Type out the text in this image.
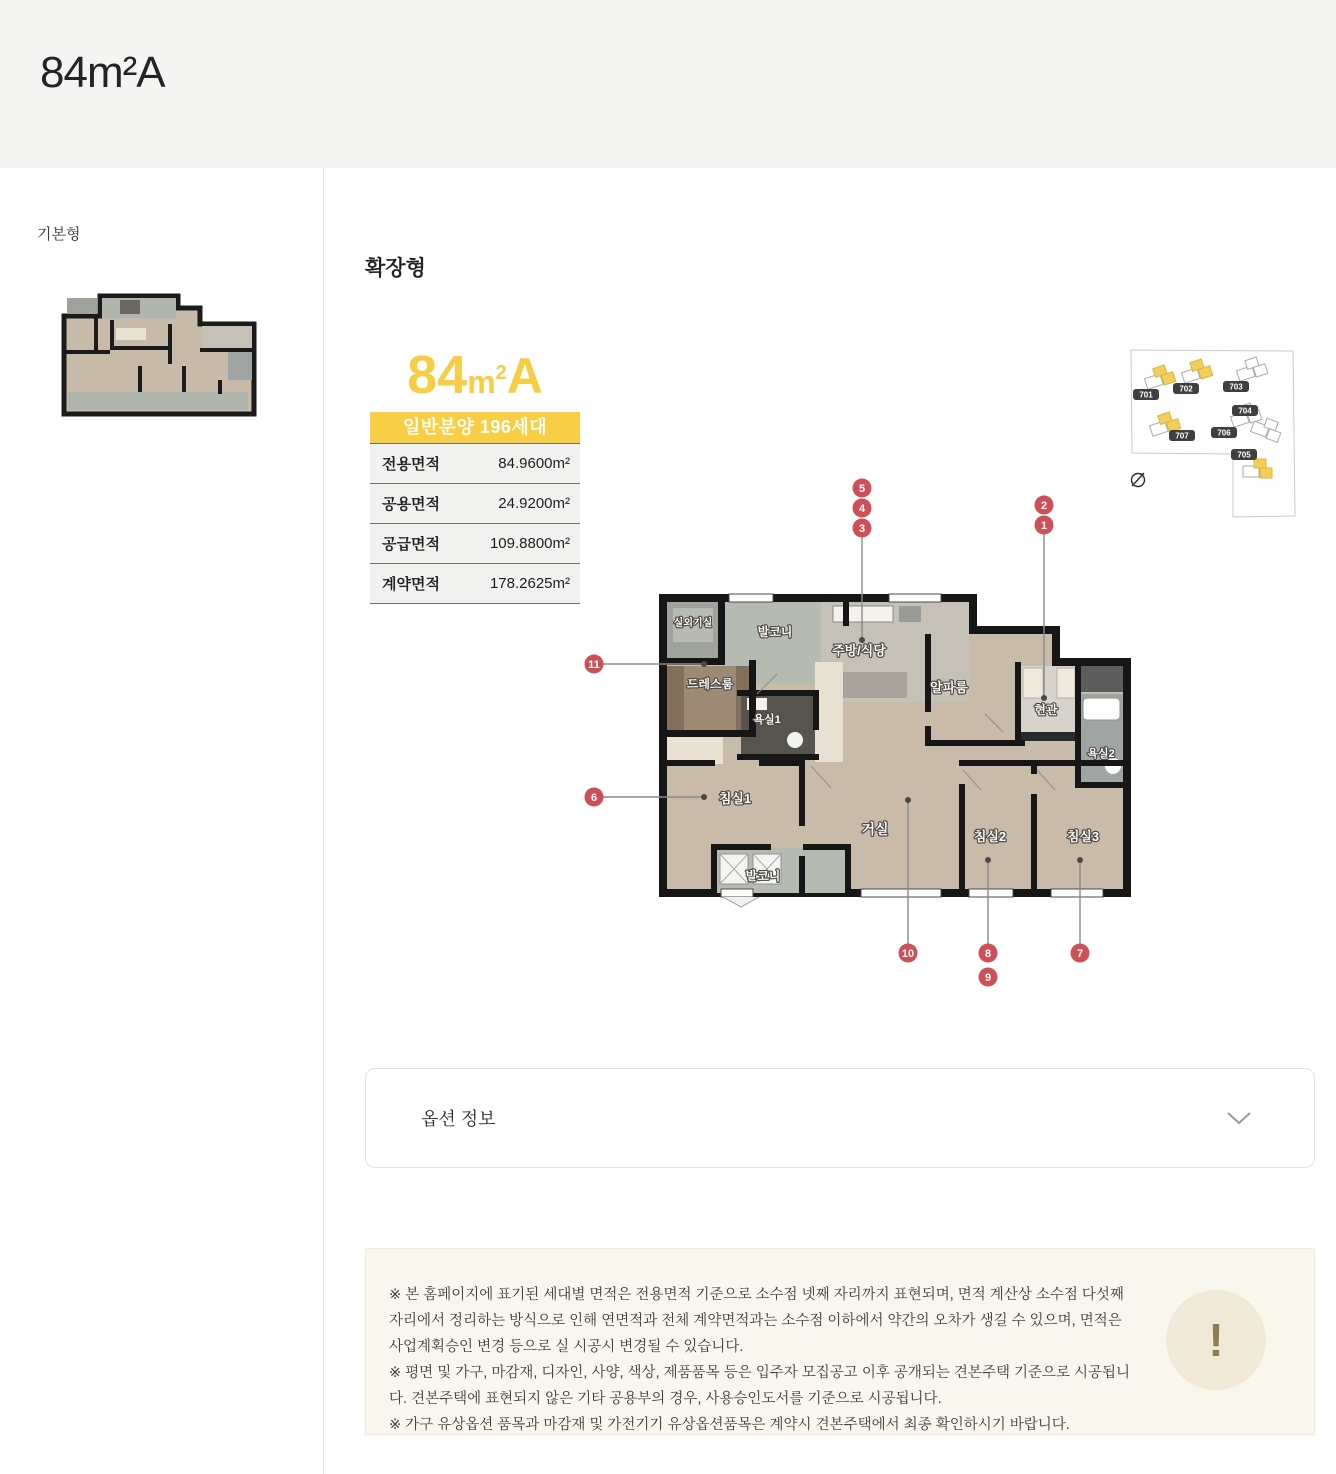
84m²A
기본형
확장형
84m2A
일반분양 196세대
전용면적	84.9600m²
공용면적	24.9200m²
공급면적	109.8800m²
계약면적	178.2625m²
실외기실
발코니
주방/식당
알파룸
현관
드레스룸
욕실1
욕실2
침실1
거실	침실2	침실3
발코니
1
2
3
4
5
6
7
8
9
10
11
701
702	703
704
706
707
705
옵션 정보

※ 본 홈페이지에 표기된 세대별 면적은 전용면적 기준으로 소수점 넷째 자리까지 표현되며, 면적 계산상 소수점 다섯째 자리에서 정리하는 방식으로 인해 연면적과 전체 계약면적과는 소수점 이하에서 약간의 오차가 생길 수 있으며, 면적은 사업계획승인 변경 등으로 실 시공시 변경될 수 있습니다.

※ 평면 및 가구, 마감재, 디자인, 사양, 색상, 제품품목 등은 입주자 모집공고 이후 공개되는 견본주택 기준으로 시공됩니다. 견본주택에 표현되지 않은 기타 공용부의 경우, 사용승인도서를 기준으로 시공됩니다.

※ 가구 유상옵션 품목과 마감재 및 가전기기 유상옵션품목은 계약시 견본주택에서 최종 확인하시기 바랍니다.

!
